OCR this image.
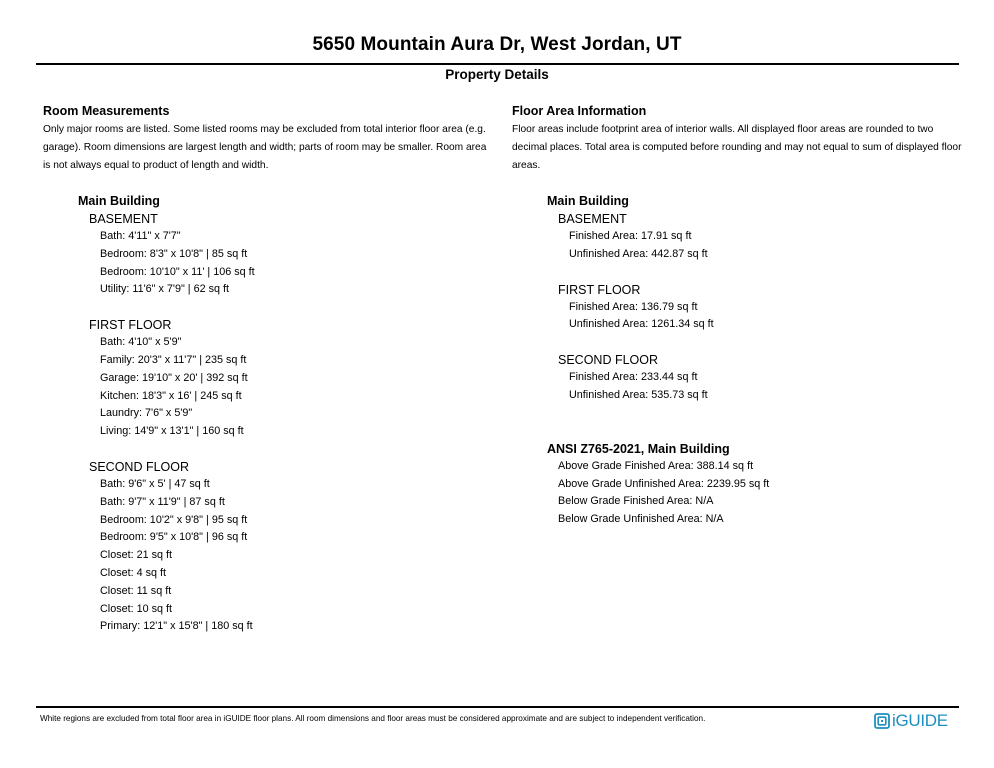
5650 Mountain Aura Dr, West Jordan, UT
Property Details
Room Measurements
Only major rooms are listed. Some listed rooms may be excluded from total interior floor area (e.g. garage). Room dimensions are largest length and width; parts of room may be smaller. Room area is not always equal to product of length and width.
Main Building
BASEMENT
Bath: 4'11" x 7'7"
Bedroom: 8'3" x 10'8" | 85 sq ft
Bedroom: 10'10" x 11' | 106 sq ft
Utility: 11'6" x 7'9" | 62 sq ft
FIRST FLOOR
Bath: 4'10" x 5'9"
Family: 20'3" x 11'7" | 235 sq ft
Garage: 19'10" x 20' | 392 sq ft
Kitchen: 18'3" x 16' | 245 sq ft
Laundry: 7'6" x 5'9"
Living: 14'9" x 13'1" | 160 sq ft
SECOND FLOOR
Bath: 9'6" x 5' | 47 sq ft
Bath: 9'7" x 11'9" | 87 sq ft
Bedroom: 10'2" x 9'8" | 95 sq ft
Bedroom: 9'5" x 10'8" | 96 sq ft
Closet: 21 sq ft
Closet: 4 sq ft
Closet: 11 sq ft
Closet: 10 sq ft
Primary: 12'1" x 15'8" | 180 sq ft
Floor Area Information
Floor areas include footprint area of interior walls. All displayed floor areas are rounded to two decimal places. Total area is computed before rounding and may not equal to sum of displayed floor areas.
Main Building
BASEMENT
Finished Area: 17.91 sq ft
Unfinished Area: 442.87 sq ft
FIRST FLOOR
Finished Area: 136.79 sq ft
Unfinished Area: 1261.34 sq ft
SECOND FLOOR
Finished Area: 233.44 sq ft
Unfinished Area: 535.73 sq ft
ANSI Z765-2021, Main Building
Above Grade Finished Area: 388.14 sq ft
Above Grade Unfinished Area: 2239.95 sq ft
Below Grade Finished Area: N/A
Below Grade Unfinished Area: N/A
White regions are excluded from total floor area in iGUIDE floor plans. All room dimensions and floor areas must be considered approximate and are subject to independent verification.	iGUIDE
